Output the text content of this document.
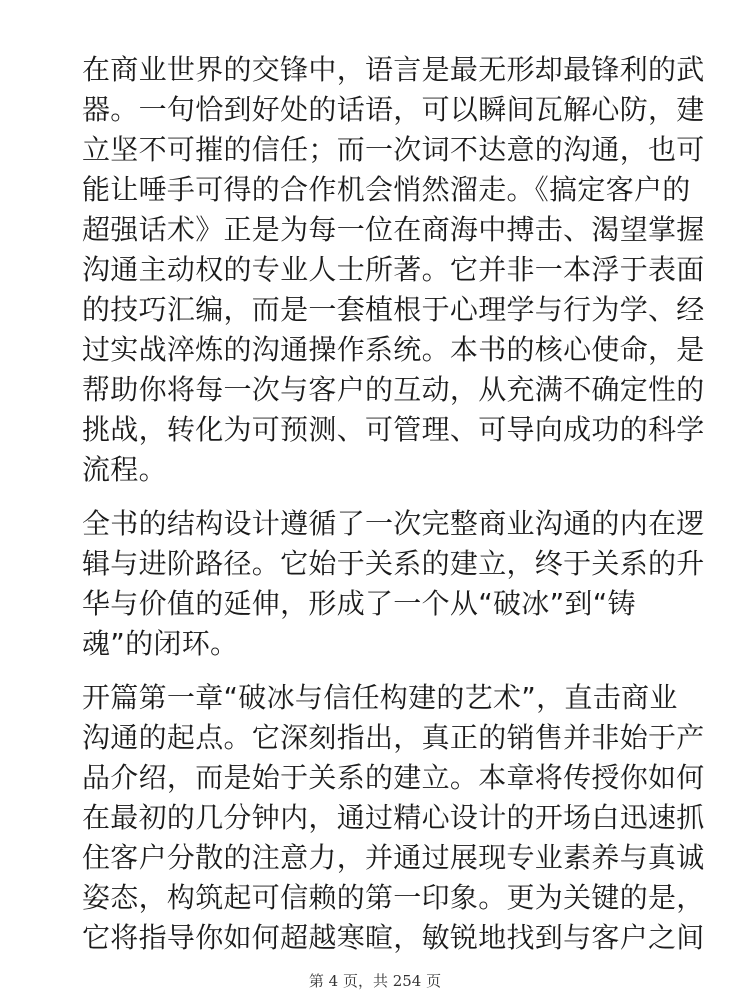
在商业世界的交锋中，语言是最无形却最锋利的武
器。一句恰到好处的话语，可以瞬间瓦解心防，建
立坚不可摧的信任；而一次词不达意的沟通，也可
能让唾手可得的合作机会悄然溜走。《搞定客户的
超强话术》正是为每一位在商海中搏击、渴望掌握
沟通主动权的专业人士所著。它并非一本浮于表面
的技巧汇编，而是一套植根于心理学与行为学、经
过实战淬炼的沟通操作系统。本书的核心使命，是
帮助你将每一次与客户的互动，从充满不确定性的
挑战，转化为可预测、可管理、可导向成功的科学
流程。
全书的结构设计遵循了一次完整商业沟通的内在逻
辑与进阶路径。它始于关系的建立，终于关系的升
华与价值的延伸，形成了一个从“破冰”到“铸
魂”的闭环。
开篇第一章“破冰与信任构建的艺术”，直击商业
沟通的起点。它深刻指出，真正的销售并非始于产
品介绍，而是始于关系的建立。本章将传授你如何
在最初的几分钟内，通过精心设计的开场白迅速抓
住客户分散的注意力，并通过展现专业素养与真诚
姿态，构筑起可信赖的第一印象。更为关键的是，
它将指导你如何超越寒暄，敏锐地找到与客户之间
第 4 页，共 254 页
